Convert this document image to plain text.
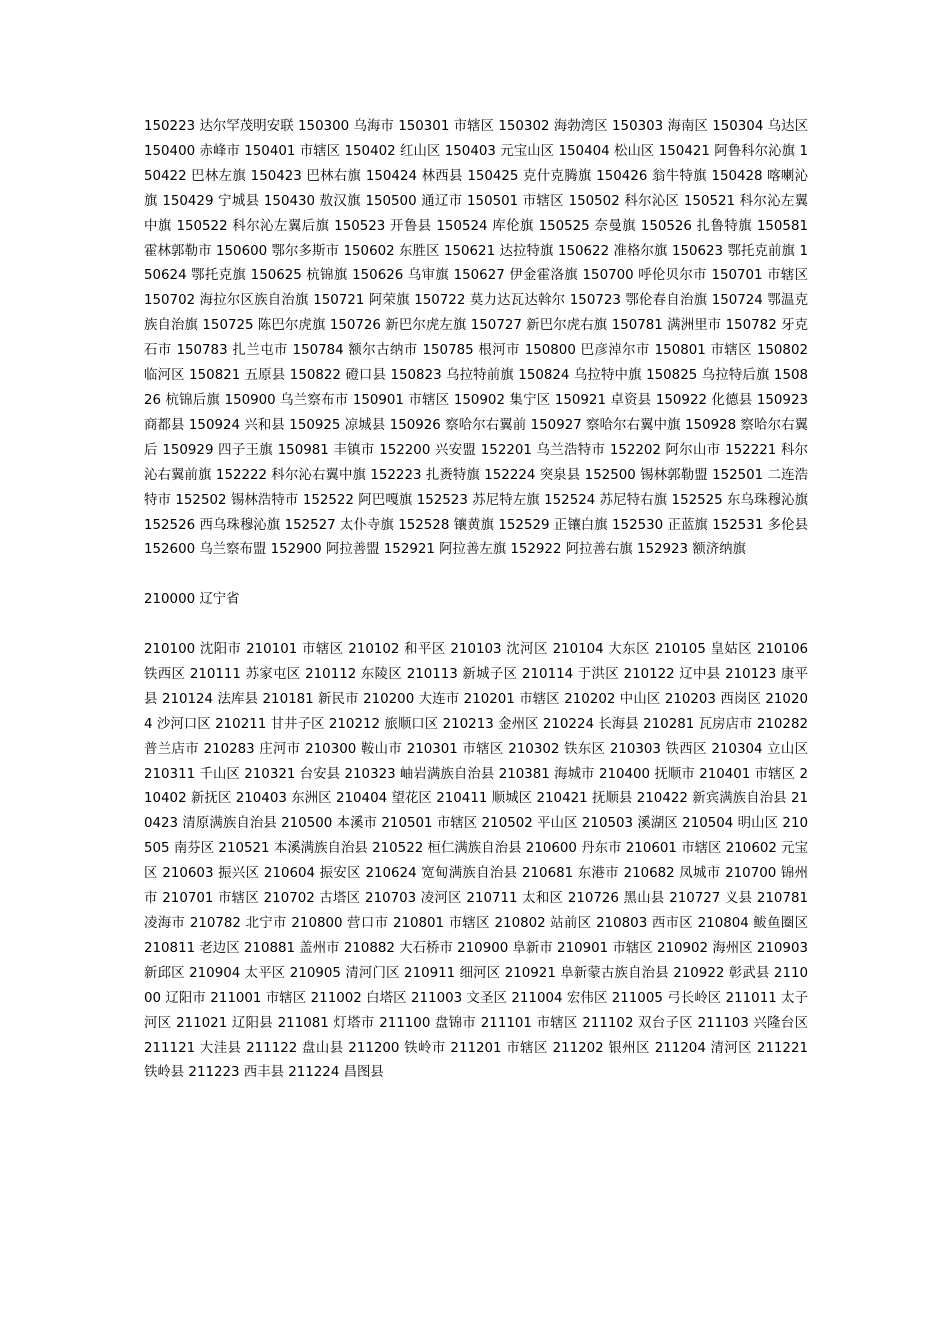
150223 达尔罕茂明安联 150300 乌海市 150301 市辖区 150302 海勃湾区 150303 海南区 150304 乌达区 150400 赤峰市 150401 市辖区 150402 红山区 150403 元宝山区 150404 松山区 150421 阿鲁科尔沁旗 150422 巴林左旗 150423 巴林右旗 150424 林西县 150425 克什克腾旗 150426 翁牛特旗 150428 喀喇沁旗 150429 宁城县 150430 敖汉旗 150500 通辽市 150501 市辖区 150502 科尔沁区 150521 科尔沁左翼中旗 150522 科尔沁左翼后旗 150523 开鲁县 150524 库伦旗 150525 奈曼旗 150526 扎鲁特旗 150581 霍林郭勒市 150600 鄂尔多斯市 150602 东胜区 150621 达拉特旗 150622 准格尔旗 150623 鄂托克前旗 150624 鄂托克旗 150625 杭锦旗 150626 乌审旗 150627 伊金霍洛旗 150700 呼伦贝尔市 150701 市辖区 150702 海拉尔区族自治旗 150721 阿荣旗 150722 莫力达瓦达斡尔 150723 鄂伦春自治旗 150724 鄂温克族自治旗 150725 陈巴尔虎旗 150726 新巴尔虎左旗 150727 新巴尔虎右旗 150781 满洲里市 150782 牙克石市 150783 扎兰屯市 150784 额尔古纳市 150785 根河市 150800 巴彦淖尔市 150801 市辖区 150802 临河区 150821 五原县 150822 磴口县 150823 乌拉特前旗 150824 乌拉特中旗 150825 乌拉特后旗 150826 杭锦后旗 150900 乌兰察布市 150901 市辖区 150902 集宁区 150921 卓资县 150922 化德县 150923 商都县 150924 兴和县 150925 凉城县 150926 察哈尔右翼前 150927 察哈尔右翼中旗 150928 察哈尔右翼后 150929 四子王旗 150981 丰镇市 152200 兴安盟 152201 乌兰浩特市 152202 阿尔山市 152221 科尔沁右翼前旗 152222 科尔沁右翼中旗 152223 扎赉特旗 152224 突泉县 152500 锡林郭勒盟 152501 二连浩特市 152502 锡林浩特市 152522 阿巴嘎旗 152523 苏尼特左旗 152524 苏尼特右旗 152525 东乌珠穆沁旗 152526 西乌珠穆沁旗 152527 太仆寺旗 152528 镶黄旗 152529 正镶白旗 152530 正蓝旗 152531 多伦县 152600 乌兰察布盟 152900 阿拉善盟 152921 阿拉善左旗 152922 阿拉善右旗 152923 额济纳旗

210000 辽宁省

210100 沈阳市 210101 市辖区 210102 和平区 210103 沈河区 210104 大东区 210105 皇姑区 210106 铁西区 210111 苏家屯区 210112 东陵区 210113 新城子区 210114 于洪区 210122 辽中县 210123 康平县 210124 法库县 210181 新民市 210200 大连市 210201 市辖区 210202 中山区 210203 西岗区 210204 沙河口区 210211 甘井子区 210212 旅顺口区 210213 金州区 210224 长海县 210281 瓦房店市 210282 普兰店市 210283 庄河市 210300 鞍山市 210301 市辖区 210302 铁东区 210303 铁西区 210304 立山区 210311 千山区 210321 台安县 210323 岫岩满族自治县 210381 海城市 210400 抚顺市 210401 市辖区 210402 新抚区 210403 东洲区 210404 望花区 210411 顺城区 210421 抚顺县 210422 新宾满族自治县 210423 清原满族自治县 210500 本溪市 210501 市辖区 210502 平山区 210503 溪湖区 210504 明山区 210505 南芬区 210521 本溪满族自治县 210522 桓仁满族自治县 210600 丹东市 210601 市辖区 210602 元宝区 210603 振兴区 210604 振安区 210624 宽甸满族自治县 210681 东港市 210682 凤城市 210700 锦州市 210701 市辖区 210702 古塔区 210703 凌河区 210711 太和区 210726 黑山县 210727 义县 210781 凌海市 210782 北宁市 210800 营口市 210801 市辖区 210802 站前区 210803 西市区 210804 鲅鱼圈区 210811 老边区 210881 盖州市 210882 大石桥市 210900 阜新市 210901 市辖区 210902 海州区 210903 新邱区 210904 太平区 210905 清河门区 210911 细河区 210921 阜新蒙古族自治县 210922 彰武县 211000 辽阳市 211001 市辖区 211002 白塔区 211003 文圣区 211004 宏伟区 211005 弓长岭区 211011 太子河区 211021 辽阳县 211081 灯塔市 211100 盘锦市 211101 市辖区 211102 双台子区 211103 兴隆台区 211121 大洼县 211122 盘山县 211200 铁岭市 211201 市辖区 211202 银州区 211204 清河区 211221 铁岭县 211223 西丰县 211224 昌图县
